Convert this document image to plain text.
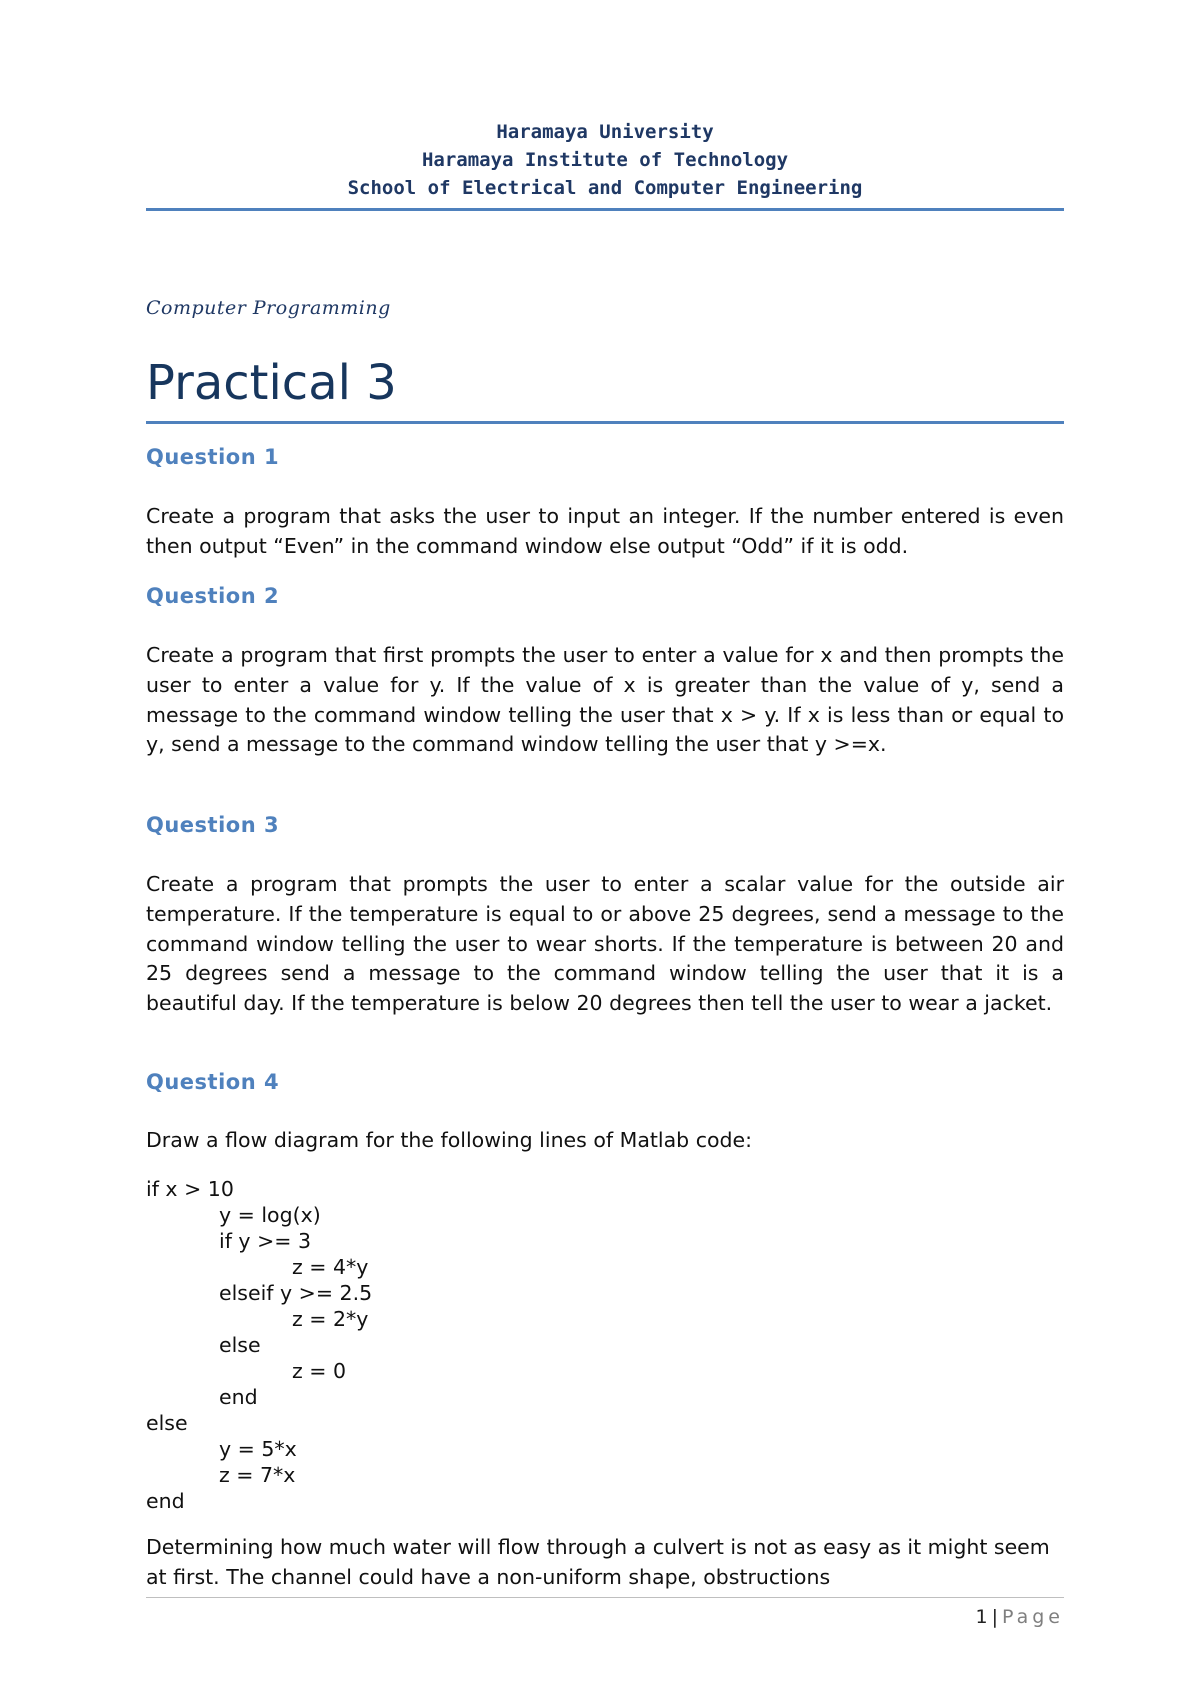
Haramaya University
Haramaya Institute of Technology
School of Electrical and Computer Engineering
Computer Programming
Practical 3
Question 1
Create a program that asks the user to input an integer. If the number entered is even then output “Even” in the command window else output “Odd” if it is odd.
Question 2
Create a program that first prompts the user to enter a value for x and then prompts the user to enter a value for y. If the value of x is greater than the value of y, send a message to the command window telling the user that x > y. If x is less than or equal to y, send a message to the command window telling the user that y >=x.
Question 3
Create a program that prompts the user to enter a scalar value for the outside air temperature. If the temperature is equal to or above 25 degrees, send a message to the command window telling the user to wear shorts. If the temperature is between 20 and 25 degrees send a message to the command window telling the user that it is a beautiful day. If the temperature is below 20 degrees then tell the user to wear a jacket.
Question 4
Draw a flow diagram for the following lines of Matlab code:
if x > 10
y = log(x)
if y >= 3
z = 4*y
elseif y >= 2.5
z = 2*y
else
z = 0
end
else
y = 5*x
z = 7*x
end
Determining how much water will flow through a culvert is not as easy as it might seem at first. The channel could have a non-uniform shape, obstructions
1 | Page
